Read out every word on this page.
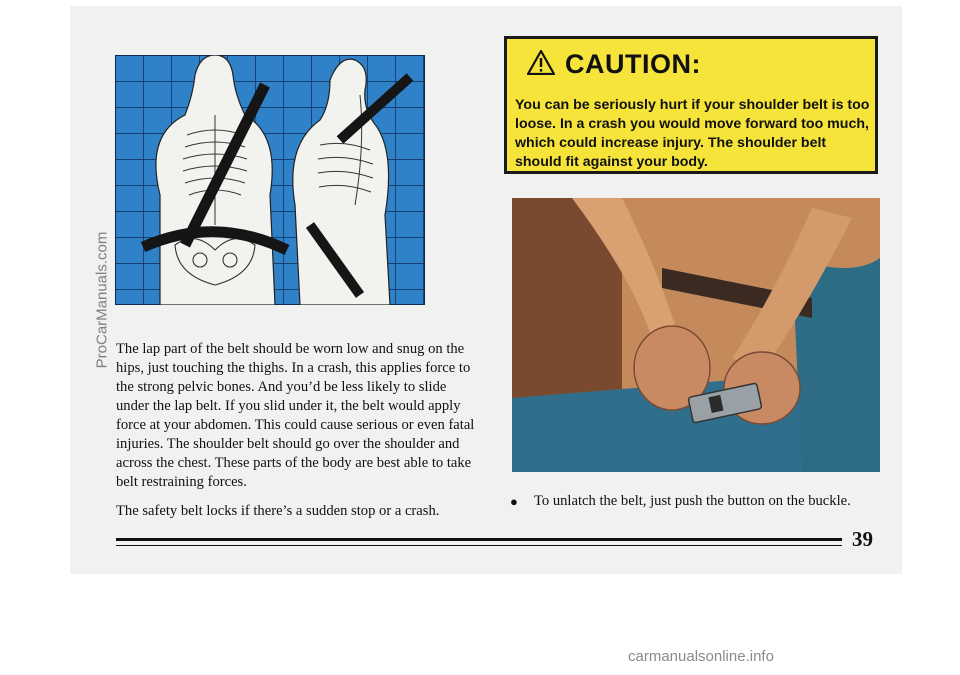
The lap part of the belt should be worn low and snug on the hips, just touching the thighs. In a crash, this applies force to the strong pelvic bones. And you’d be less likely to slide under the lap belt. If you slid under it, the belt would apply force at your abdomen. This could cause serious or even fatal injuries. The shoulder belt should go over the shoulder and across the chest. These parts of the body are best able to take belt restraining forces.

The safety belt locks if there’s a sudden stop or a crash.

CAUTION:
You can be seriously hurt if your shoulder belt is too loose. In a crash you would move forward too much, which could increase injury. The shoulder belt should fit against your body.
● To unlatch the belt, just push the button on the buckle.
39
ProCarManuals.com
carmanualsonline.info
